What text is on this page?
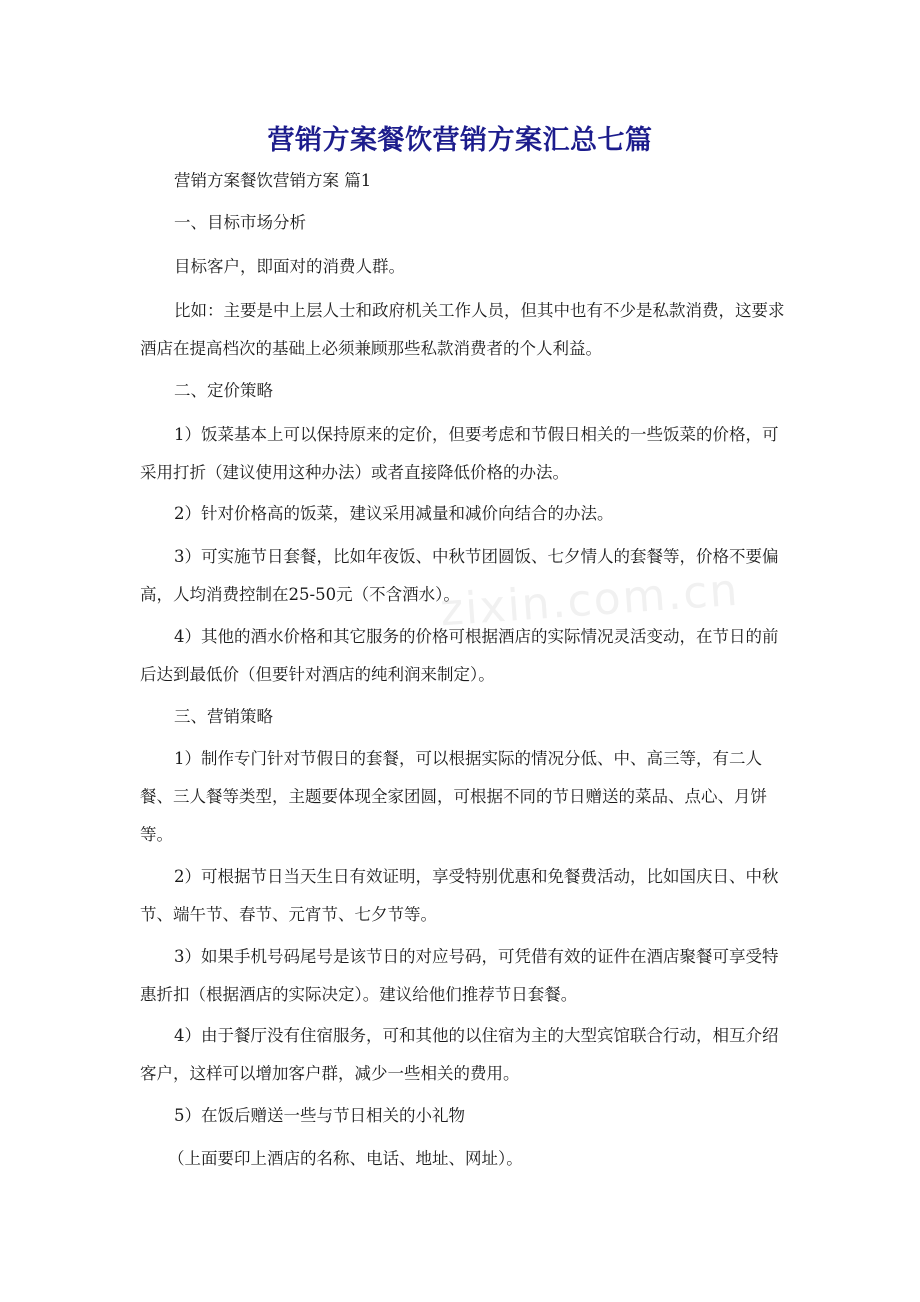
zixin.com.cn
营销方案餐饮营销方案汇总七篇

营销方案餐饮营销方案 篇1

一、目标市场分析

目标客户，即面对的消费人群。

比如：主要是中上层人士和政府机关工作人员，但其中也有不少是私款消费，这要求酒店在提高档次的基础上必须兼顾那些私款消费者的个人利益。

二、定价策略

1）饭菜基本上可以保持原来的定价，但要考虑和节假日相关的一些饭菜的价格，可采用打折（建议使用这种办法）或者直接降低价格的办法。

2）针对价格高的饭菜，建议采用减量和减价向结合的办法。

3）可实施节日套餐，比如年夜饭、中秋节团圆饭、七夕情人的套餐等，价格不要偏高，人均消费控制在25-50元（不含酒水）。

4）其他的酒水价格和其它服务的价格可根据酒店的实际情况灵活变动，在节日的前后达到最低价（但要针对酒店的纯利润来制定）。

三、营销策略

1）制作专门针对节假日的套餐，可以根据实际的情况分低、中、高三等，有二人餐、三人餐等类型，主题要体现全家团圆，可根据不同的节日赠送的菜品、点心、月饼等。

2）可根据节日当天生日有效证明，享受特别优惠和免餐费活动，比如国庆日、中秋节、端午节、春节、元宵节、七夕节等。

3）如果手机号码尾号是该节日的对应号码，可凭借有效的证件在酒店聚餐可享受特惠折扣（根据酒店的实际决定）。建议给他们推荐节日套餐。

4）由于餐厅没有住宿服务，可和其他的以住宿为主的大型宾馆联合行动，相互介绍客户，这样可以增加客户群，减少一些相关的费用。

5）在饭后赠送一些与节日相关的小礼物

（上面要印上酒店的名称、电话、地址、网址）。
